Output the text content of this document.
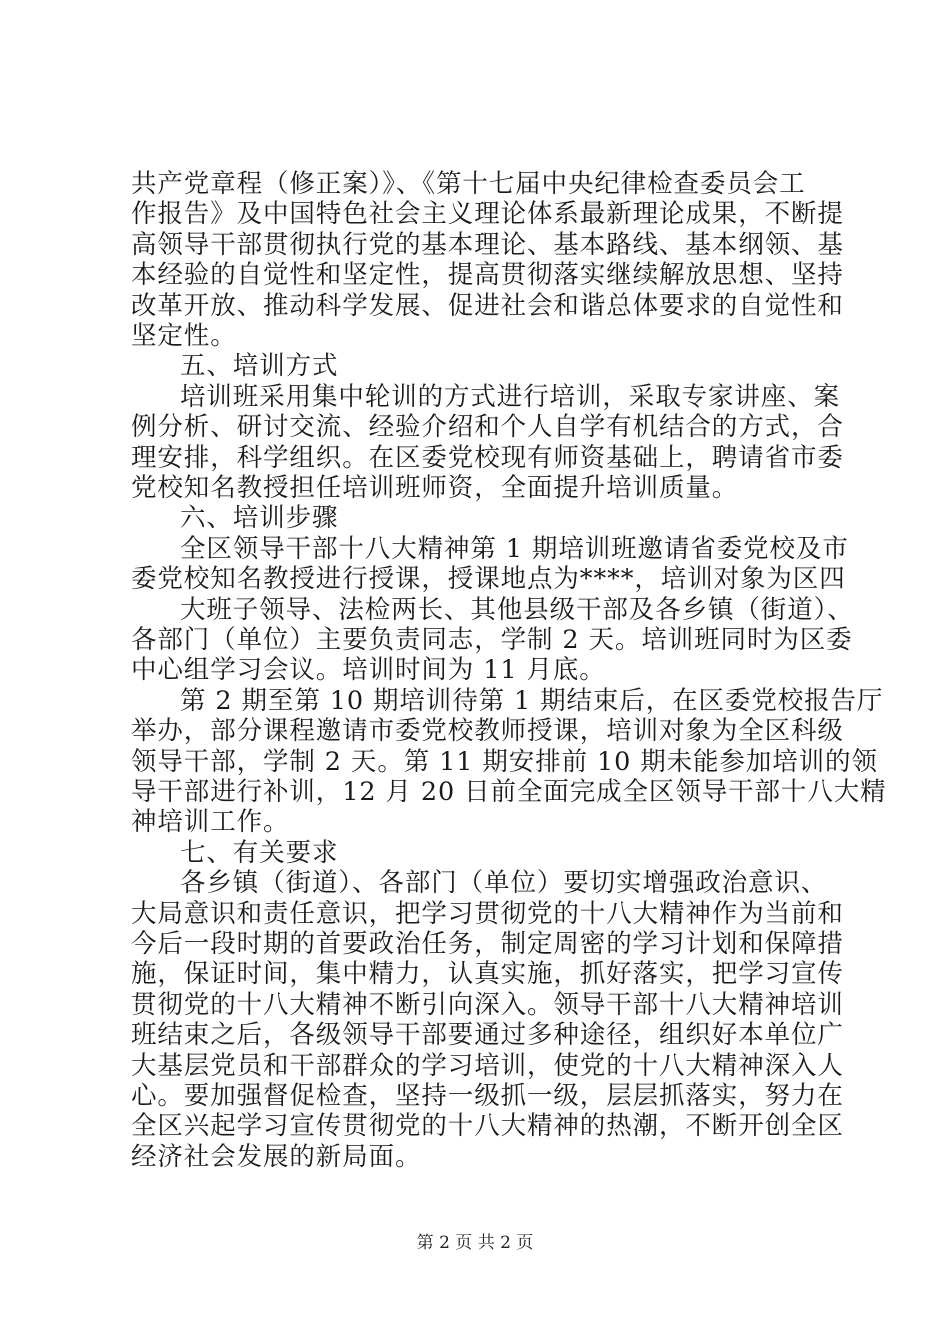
共产党章程（修正案）》、《第十七届中央纪律检查委员会工
作报告》及中国特色社会主义理论体系最新理论成果，不断提
高领导干部贯彻执行党的基本理论、基本路线、基本纲领、基
本经验的自觉性和坚定性，提高贯彻落实继续解放思想、坚持
改革开放、推动科学发展、促进社会和谐总体要求的自觉性和
坚定性。
五、培训方式
培训班采用集中轮训的方式进行培训，采取专家讲座、案
例分析、研讨交流、经验介绍和个人自学有机结合的方式，合
理安排，科学组织。在区委党校现有师资基础上，聘请省市委
党校知名教授担任培训班师资，全面提升培训质量。
六、培训步骤
全区领导干部十八大精神第 1 期培训班邀请省委党校及市
委党校知名教授进行授课，授课地点为****，培训对象为区四
大班子领导、法检两长、其他县级干部及各乡镇（街道）、
各部门（单位）主要负责同志，学制 2 天。培训班同时为区委
中心组学习会议。培训时间为 11 月底。
第 2 期至第 10 期培训待第 1 期结束后，在区委党校报告厅
举办，部分课程邀请市委党校教师授课，培训对象为全区科级
领导干部，学制 2 天。第 11 期安排前 10 期未能参加培训的领
导干部进行补训，12 月 20 日前全面完成全区领导干部十八大精
神培训工作。
七、有关要求
各乡镇（街道）、各部门（单位）要切实增强政治意识、
大局意识和责任意识，把学习贯彻党的十八大精神作为当前和
今后一段时期的首要政治任务，制定周密的学习计划和保障措
施，保证时间，集中精力，认真实施，抓好落实，把学习宣传
贯彻党的十八大精神不断引向深入。领导干部十八大精神培训
班结束之后，各级领导干部要通过多种途径，组织好本单位广
大基层党员和干部群众的学习培训，使党的十八大精神深入人
心。要加强督促检查，坚持一级抓一级，层层抓落实，努力在
全区兴起学习宣传贯彻党的十八大精神的热潮，不断开创全区
经济社会发展的新局面。
第 2 页 共 2 页
